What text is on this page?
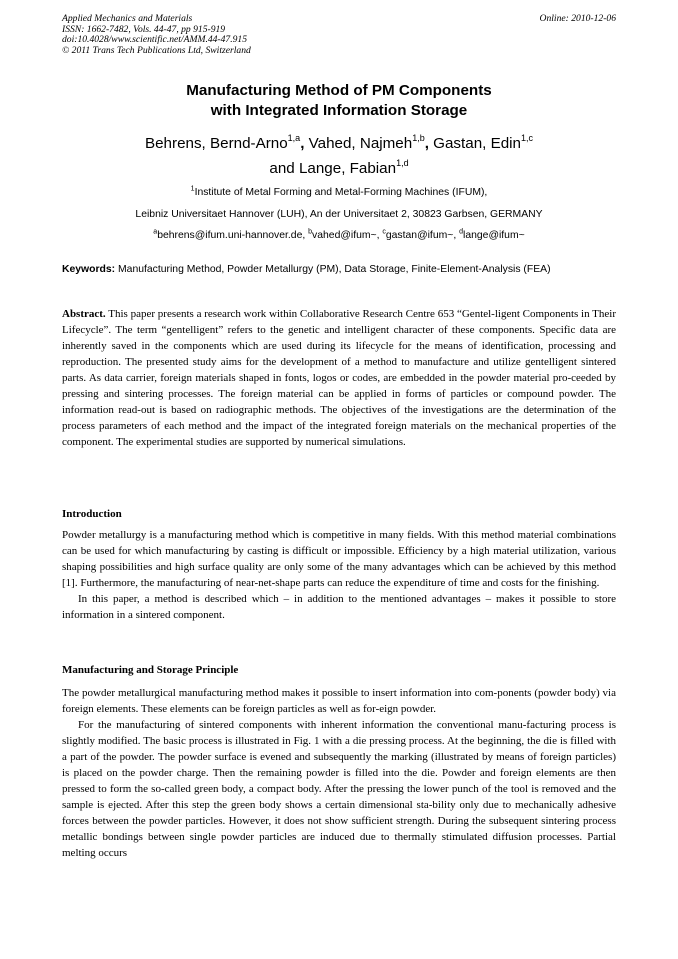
Applied Mechanics and Materials
ISSN: 1662-7482, Vols. 44-47, pp 915-919
doi:10.4028/www.scientific.net/AMM.44-47.915
© 2011 Trans Tech Publications Ltd, Switzerland
Online: 2010-12-06
Manufacturing Method of PM Components
with Integrated Information Storage
Behrens, Bernd-Arno$^{1,a}$, Vahed, Najmeh$^{1,b}$, Gastan, Edin$^{1,c}$
and Lange, Fabian$^{1,d}$
$^1$Institute of Metal Forming and Metal-Forming Machines (IFUM),
Leibniz Universitaet Hannover (LUH), An der Universitaet 2, 30823 Garbsen, GERMANY
$^a$behrens@ifum.uni-hannover.de, $^b$vahed@ifum~, $^c$gastan@ifum~, $^d$lange@ifum~
Keywords: Manufacturing Method, Powder Metallurgy (PM), Data Storage, Finite-Element-Analysis (FEA)

Abstract. This paper presents a research work within Collaborative Research Centre 653 “Gentel-ligent Components in Their Lifecycle”. The term “gentelligent” refers to the genetic and intelligent character of these components. Specific data are inherently saved in the components which are used during its lifecycle for the means of identification, processing and reproduction. The presented study aims for the development of a method to manufacture and utilize gentelligent sintered parts. As data carrier, foreign materials shaped in fonts, logos or codes, are embedded in the powder material pro-ceeded by pressing and sintering processes. The foreign material can be applied in forms of particles or compound powder. The information read-out is based on radiographic methods. The objectives of the investigations are the determination of the process parameters of each method and the impact of the integrated foreign materials on the mechanical properties of the component. The experimental studies are supported by numerical simulations.

Introduction

Powder metallurgy is a manufacturing method which is competitive in many fields. With this method material combinations can be used for which manufacturing by casting is difficult or impossible. Efficiency by a high material utilization, various shaping possibilities and high surface quality are only some of the many advantages which can be achieved by this method [1]. Furthermore, the manufacturing of near-net-shape parts can reduce the expenditure of time and costs for the finishing.

In this paper, a method is described which – in addition to the mentioned advantages – makes it possible to store information in a sintered component.

Manufacturing and Storage Principle

The powder metallurgical manufacturing method makes it possible to insert information into com-ponents (powder body) via foreign elements. These elements can be foreign particles as well as for-eign powder.

For the manufacturing of sintered components with inherent information the conventional manu-facturing process is slightly modified. The basic process is illustrated in Fig. 1 with a die pressing process. At the beginning, the die is filled with a part of the powder. The powder surface is evened and subsequently the marking (illustrated by means of foreign particles) is placed on the powder charge. Then the remaining powder is filled into the die. Powder and foreign elements are then pressed to form the so-called green body, a compact body. After the pressing the lower punch of the tool is removed and the sample is ejected. After this step the green body shows a certain dimensional sta-bility only due to mechanically adhesive forces between the powder particles. However, it does not show sufficient strength. During the subsequent sintering process metallic bondings between single powder particles are induced due to thermally stimulated diffusion processes. Partial melting occurs
